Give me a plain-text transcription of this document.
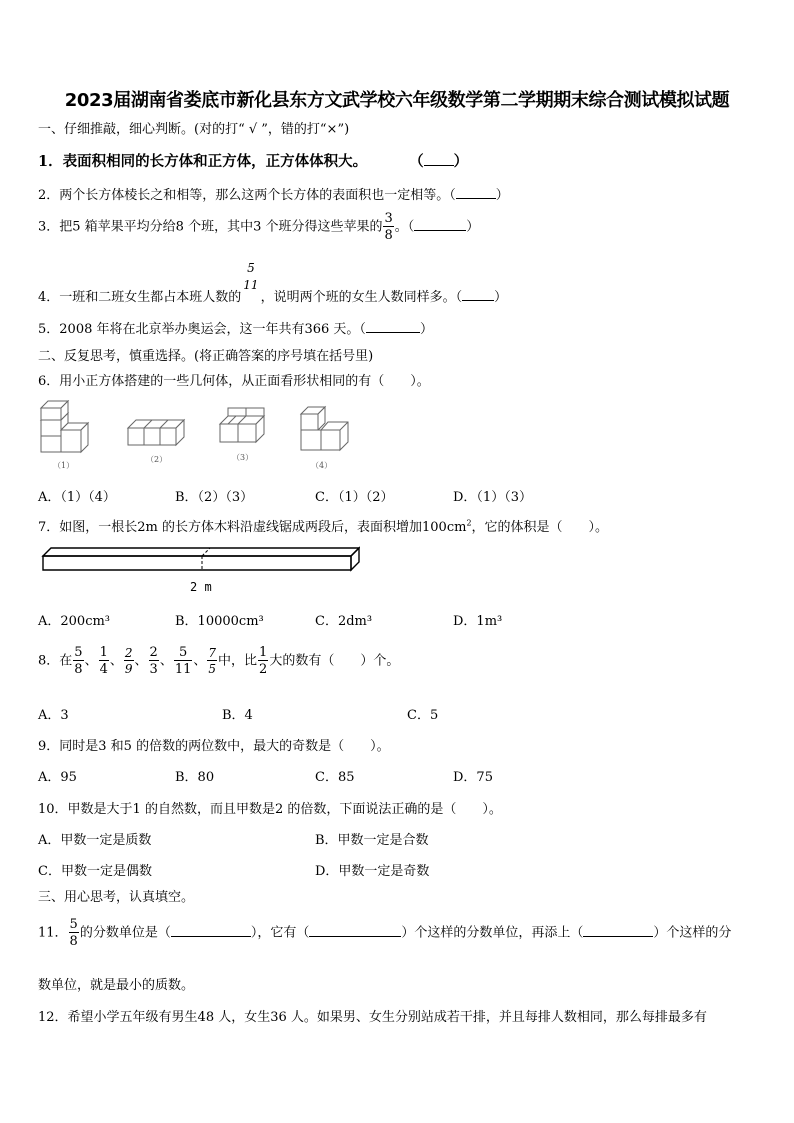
2023届湖南省娄底市新化县东方文武学校六年级数学第二学期期末综合测试模拟试题
一、仔细推敲，细心判断。(对的打“ √ ”，错的打“×”)
1．表面积相同的长方体和正方体，正方体体积大。	（ ）
2．两个长方体棱长之和相等，那么这两个长方体的表面积也一定相等。（	）
3．把5 箱苹果平均分给8 个班，其中3 个班分得这些苹果的 $\frac{3}{8}$ 。（	）
4．一班和二班女生都占本班人数的
5
11
，说明两个班的女生人数同样多。（ ）
5．2008 年将在北京举办奥运会，这一年共有366 天。（	）
二、反复思考，慎重选择。(将正确答案的序号填在括号里)
6．用小正方体搭建的一些几何体，从正面看形状相同的有（　　）。
（1）
（2）	（3）
（4）
A．（1）（4）	B．（2）（3）	C．（1）（2）	D．（1）（3）
7．如图，一根长2m 的长方体木料沿虚线锯成两段后，表面积增加$100cm^2$，它的体积是（　　）。
2 m
A．200cm³	B．10000cm³	C．2dm³	D．1m³
8．在 $\frac{5}{8}$ 、 $\frac{1}{4}$ 、 $\frac{2}{9}$ 、 $\frac{2}{3}$ 、 $\frac{5}{11}$ 、 $\frac{7}{5}$ 中，比 $\frac{1}{2}$ 大的数有（　　）个。
A．3	B．4	C．5
9．同时是3 和5 的倍数的两位数中，最大的奇数是（　　）。
A．95	B．80	C．85	D．75
10．甲数是大于1 的自然数，而且甲数是2 的倍数，下面说法正确的是（　　）。
A．甲数一定是质数	B．甲数一定是合数
C．甲数一定是偶数	D．甲数一定是奇数
三、用心思考，认真填空。
11． $\frac{5}{8}$ 的分数单位是（	），它有（	）个这样的分数单位，再添上（	）个这样的分
数单位，就是最小的质数。
12．希望小学五年级有男生48 人，女生36 人。如果男、女生分别站成若干排，并且每排人数相同，那么每排最多有
